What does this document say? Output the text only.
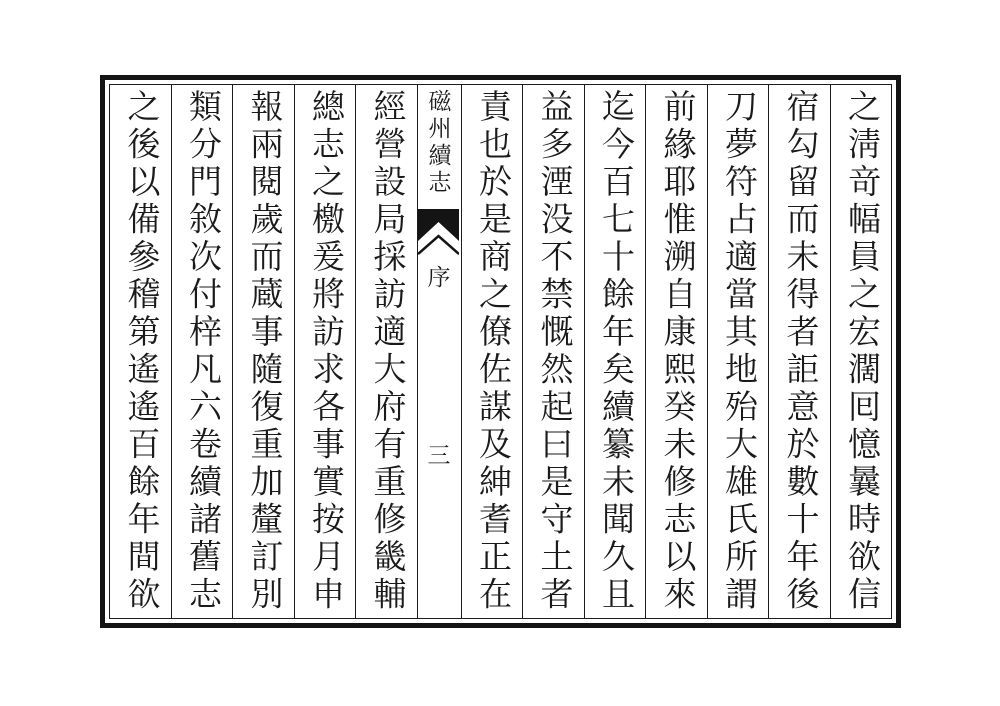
之淸竒幅員之宏濶囘憶曩時欲信
宿勾留而未得者詎意於數十年後
刀夢符占適當其地殆大雄氏所謂
前緣耶惟溯自康熙癸未修志以來
迄今百七十餘年矣續纂未聞久且
益多湮没不禁慨然起曰是守土者
責也於是商之僚佐謀及紳耆正在
磁州續志
序
三
經營設局採訪適大府有重修畿輔
總志之檄爰將訪求各事實按月申
報兩閱歲而蔵事隨復重加釐訂別
類分門敘次付梓凡六卷續諸舊志
之後以備參稽第遙遙百餘年間欲
